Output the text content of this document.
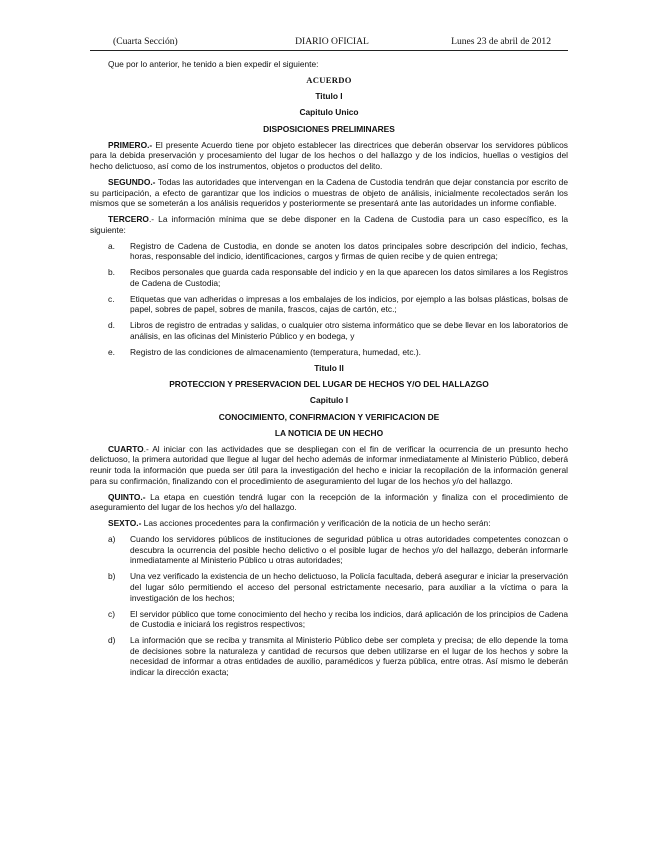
(Cuarta Sección)	DIARIO OFICIAL	Lunes 23 de abril de 2012

Que por lo anterior, he tenido a bien expedir el siguiente:

ACUERDO
Titulo I
Capitulo Unico
DISPOSICIONES PRELIMINARES

PRIMERO.- El presente Acuerdo tiene por objeto establecer las directrices que deberán observar los servidores públicos para la debida preservación y procesamiento del lugar de los hechos o del hallazgo y de los indicios, huellas o vestigios del hecho delictuoso, así como de los instrumentos, objetos o productos del delito.

SEGUNDO.- Todas las autoridades que intervengan en la Cadena de Custodia tendrán que dejar constancia por escrito de su participación, a efecto de garantizar que los indicios o muestras de objeto de análisis, inicialmente recolectados serán los mismos que se someterán a los análisis requeridos y posteriormente se presentará ante las autoridades un informe confiable.

TERCERO.- La información mínima que se debe disponer en la Cadena de Custodia para un caso específico, es la siguiente:

a. Registro de Cadena de Custodia, en donde se anoten los datos principales sobre descripción del indicio, fechas, horas, responsable del indicio, identificaciones, cargos y firmas de quien recibe y de quien entrega;
b. Recibos personales que guarda cada responsable del indicio y en la que aparecen los datos similares a los Registros de Cadena de Custodia;
c. Etiquetas que van adheridas o impresas a los embalajes de los indicios, por ejemplo a las bolsas plásticas, bolsas de papel, sobres de papel, sobres de manila, frascos, cajas de cartón, etc.;
d. Libros de registro de entradas y salidas, o cualquier otro sistema informático que se debe llevar en los laboratorios de análisis, en las oficinas del Ministerio Público y en bodega, y
e. Registro de las condiciones de almacenamiento (temperatura, humedad, etc.).
Titulo II
PROTECCION Y PRESERVACION DEL LUGAR DE HECHOS Y/O DEL HALLAZGO
Capitulo I
CONOCIMIENTO, CONFIRMACION Y VERIFICACION DE
LA NOTICIA DE UN HECHO

CUARTO.- Al iniciar con las actividades que se despliegan con el fin de verificar la ocurrencia de un presunto hecho delictuoso, la primera autoridad que llegue al lugar del hecho además de informar inmediatamente al Ministerio Público, deberá reunir toda la información que pueda ser útil para la investigación del hecho e iniciar la recopilación de la información general para su confirmación, finalizando con el procedimiento de aseguramiento del lugar de los hechos y/o del hallazgo.

QUINTO.- La etapa en cuestión tendrá lugar con la recepción de la información y finaliza con el procedimiento de aseguramiento del lugar de los hechos y/o del hallazgo.

SEXTO.- Las acciones procedentes para la confirmación y verificación de la noticia de un hecho serán:

a) Cuando los servidores públicos de instituciones de seguridad pública u otras autoridades competentes conozcan o descubra la ocurrencia del posible hecho delictivo o el posible lugar de hechos y/o del hallazgo, deberán informarle inmediatamente al Ministerio Público u otras autoridades;
b) Una vez verificado la existencia de un hecho delictuoso, la Policía facultada, deberá asegurar e iniciar la preservación del lugar sólo permitiendo el acceso del personal estrictamente necesario, para auxiliar a la víctima o para la investigación de los hechos;
c) El servidor público que tome conocimiento del hecho y reciba los indicios, dará aplicación de los principios de Cadena de Custodia e iniciará los registros respectivos;
d) La información que se reciba y transmita al Ministerio Público debe ser completa y precisa; de ello depende la toma de decisiones sobre la naturaleza y cantidad de recursos que deben utilizarse en el lugar de los hechos y sobre la necesidad de informar a otras entidades de auxilio, paramédicos y fuerza pública, entre otras. Así mismo le deberán indicar la dirección exacta;
